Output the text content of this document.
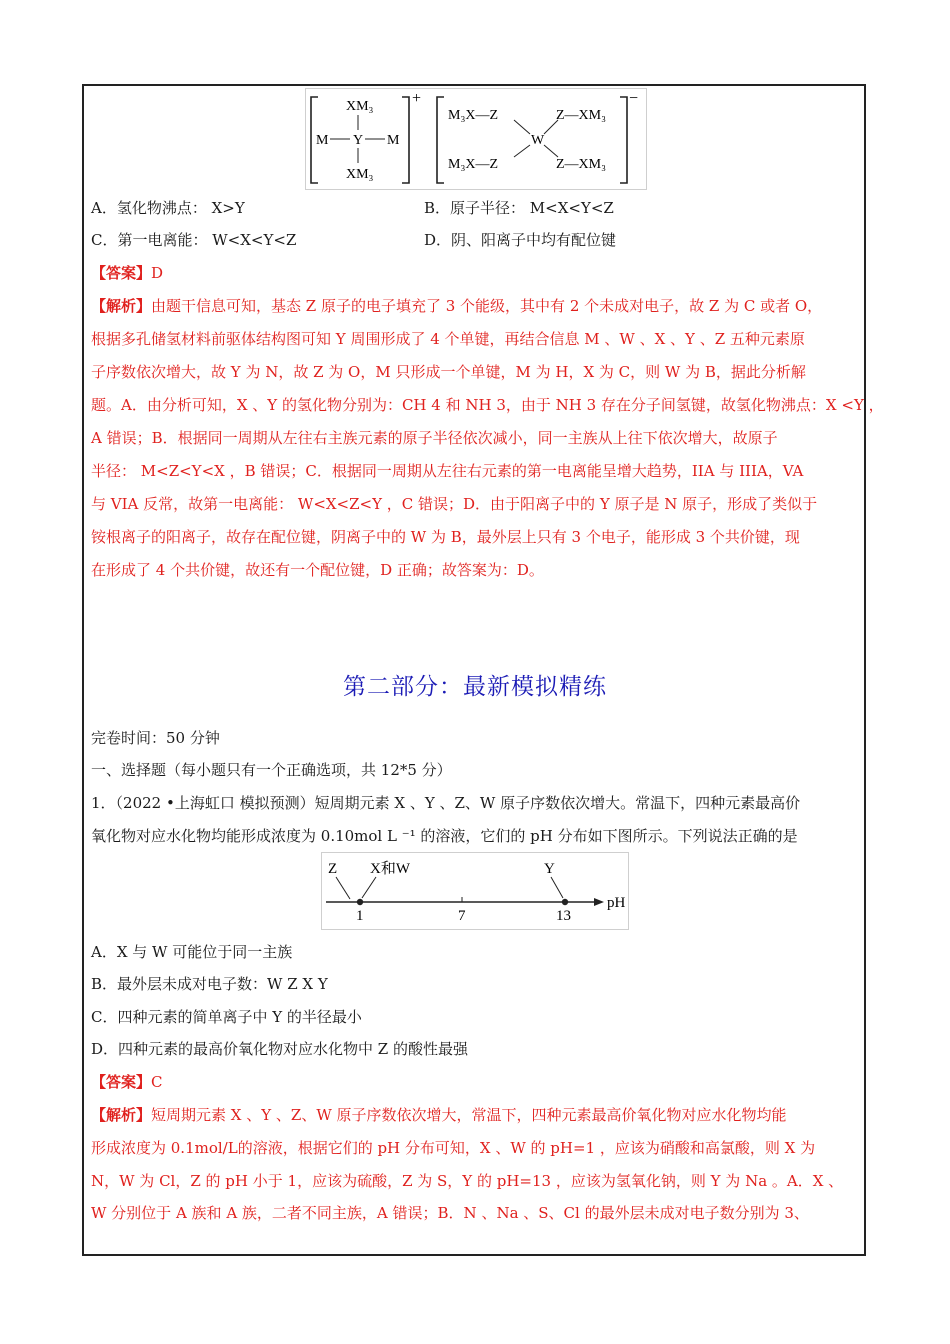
XM₃
M Y M
XM₃
+	−
M₃X—Z
M₃X—Z
W
Z—XM₃
Z—XM₃
A．氢化物沸点： X>Y	B．原子半径： M<X<Y<Z
C．第一电离能： W<X<Y<Z	D．阴、阳离子中均有配位键
【答案】D
【解析】由题干信息可知，基态 Z 原子的电子填充了 3 个能级，其中有 2 个未成对电子，故 Z 为 C 或者 O，
根据多孔储氢材料前驱体结构图可知 Y 周围形成了 4 个单键，再结合信息 M 、W 、X 、Y 、Z 五种元素原
子序数依次增大，故 Y 为 N，故 Z 为 O，M 只形成一个单键，M 为 H，X 为 C，则 W 为 B，据此分析解
题。A．由分析可知，X 、Y 的氢化物分别为：CH 4 和 NH 3，由于 NH 3 存在分子间氢键，故氢化物沸点：X <Y ，
A 错误；B．根据同一周期从左往右主族元素的原子半径依次减小，同一主族从上往下依次增大，故原子
半径： M<Z<Y<X ，B 错误；C．根据同一周期从左往右元素的第一电离能呈增大趋势，IIA 与 IIIA，VA
与 VIA 反常，故第一电离能： W<X<Z<Y ，C 错误；D．由于阳离子中的 Y 原子是 N 原子，形成了类似于
铵根离子的阳离子，故存在配位键，阴离子中的 W 为 B，最外层上只有 3 个电子，能形成 3 个共价键，现
在形成了 4 个共价键，故还有一个配位键，D 正确；故答案为：D。
第二部分：最新模拟精练
完卷时间：50 分钟
一、选择题（每小题只有一个正确选项，共 12*5 分）
1．（2022 •上海虹口 模拟预测）短周期元素 X 、Y 、Z、W 原子序数依次增大。常温下，四种元素最高价
氧化物对应水化物均能形成浓度为 0.10mol L ⁻¹ 的溶液，它们的 pH 分布如下图所示。下列说法正确的是
pH
1	7	13
Z X和W	Y
A．X 与 W 可能位于同一主族
B．最外层未成对电子数：W Z X Y
C．四种元素的简单离子中 Y 的半径最小
D．四种元素的最高价氧化物对应水化物中 Z 的酸性最强
【答案】C
【解析】短周期元素 X 、Y 、Z、W 原子序数依次增大，常温下，四种元素最高价氧化物对应水化物均能
形成浓度为 0.1mol/L的溶液，根据它们的 pH 分布可知，X 、W 的 pH=1 ，应该为硝酸和高氯酸，则 X 为
N，W 为 Cl，Z 的 pH 小于 1，应该为硫酸，Z 为 S，Y 的 pH=13 ，应该为氢氧化钠，则 Y 为 Na 。A．X 、
W 分别位于 A 族和 A 族，二者不同主族，A 错误；B．N 、Na 、S、Cl 的最外层未成对电子数分别为 3、
